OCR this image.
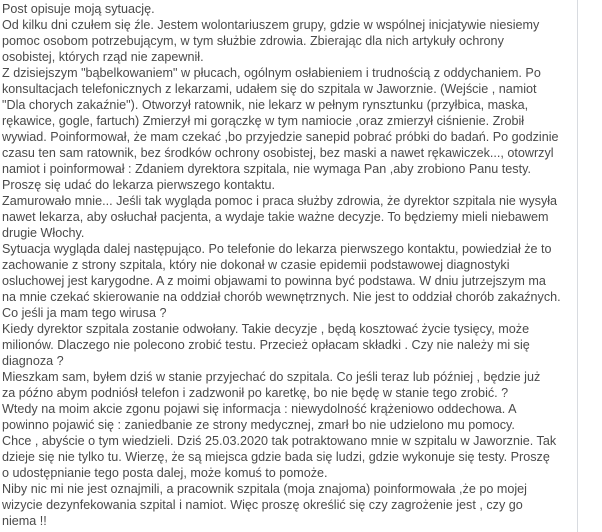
Post opisuje moją sytuację.
Od kilku dni czułem się źle. Jestem wolontariuszem grupy, gdzie w wspólnej inicjatywie niesiemy
pomoc osobom potrzebującym, w tym służbie zdrowia. Zbierając dla nich artykuły ochrony
osobistej, których rząd nie zapewnił.
Z dzisiejszym "bąbelkowaniem" w płucach, ogólnym osłabieniem i trudnością z oddychaniem. Po
konsultacjach telefonicznych z lekarzami, udałem się do szpitala w Jaworznie. (Wejście , namiot
"Dla chorych zakaźnie"). Otworzył ratownik, nie lekarz w pełnym rynsztunku (przyłbica, maska,
rękawice, gogle, fartuch) Zmierzył mi gorączkę w tym namiocie ,oraz zmierzył ciśnienie. Zrobił
wywiad. Poinformował, że mam czekać ,bo przyjedzie sanepid pobrać próbki do badań. Po godzinie
czasu ten sam ratownik, bez środków ochrony osobistej, bez maski a nawet rękawiczek..., otowrzyl
namiot i poinformował : Zdaniem dyrektora szpitala, nie wymaga Pan ,aby zrobiono Panu testy.
Proszę się udać do lekarza pierwszego kontaktu.
Zamurowało mnie... Jeśli tak wygląda pomoc i praca służby zdrowia, że dyrektor szpitala nie wysyła
nawet lekarza, aby osłuchał pacjenta, a wydaje takie ważne decyzje. To będziemy mieli niebawem
drugie Włochy.
Sytuacja wygląda dalej następująco. Po telefonie do lekarza pierwszego kontaktu, powiedział że to
zachowanie z strony szpitala, który nie dokonał w czasie epidemii podstawowej diagnostyki
osluchowej jest karygodne. A z moimi objawami to powinna być podstawa. W dniu jutrzejszym ma
na mnie czekać skierowanie na oddział chorób wewnętrznych. Nie jest to oddział chorób zakaźnych.
Co jeśli ja mam tego wirusa ?
Kiedy dyrektor szpitala zostanie odwołany. Takie decyzje , będą kosztować życie tysięcy, może
milionów. Dlaczego nie polecono zrobić testu. Przecież opłacam składki . Czy nie należy mi się
diagnoza ?
Mieszkam sam, byłem dziś w stanie przyjechać do szpitala. Co jeśli teraz lub później , będzie już
za późno abym podniósł telefon i zadzwonił po karetkę, bo nie będę w stanie tego zrobić. ?
Wtedy na moim akcie zgonu pojawi się informacja : niewydolność krążeniowo oddechowa. A
powinno pojawić się : zaniedbanie ze strony medycznej, zmarł bo nie udzielono mu pomocy.
Chce , abyście o tym wiedzieli. Dziś 25.03.2020 tak potraktowano mnie w szpitalu w Jaworznie. Tak
dzieje się nie tylko tu. Wierzę, że są miejsca gdzie bada się ludzi, gdzie wykonuje się testy. Proszę
o udostępnianie tego posta dalej, może komuś to pomoże.
Niby nic mi nie jest oznajmili, a pracownik szpitala (moja znajoma) poinformowała ,że po mojej
wizycie dezynfekowania szpital i namiot. Więc proszę określić się czy zagrożenie jest , czy go
niema !!
